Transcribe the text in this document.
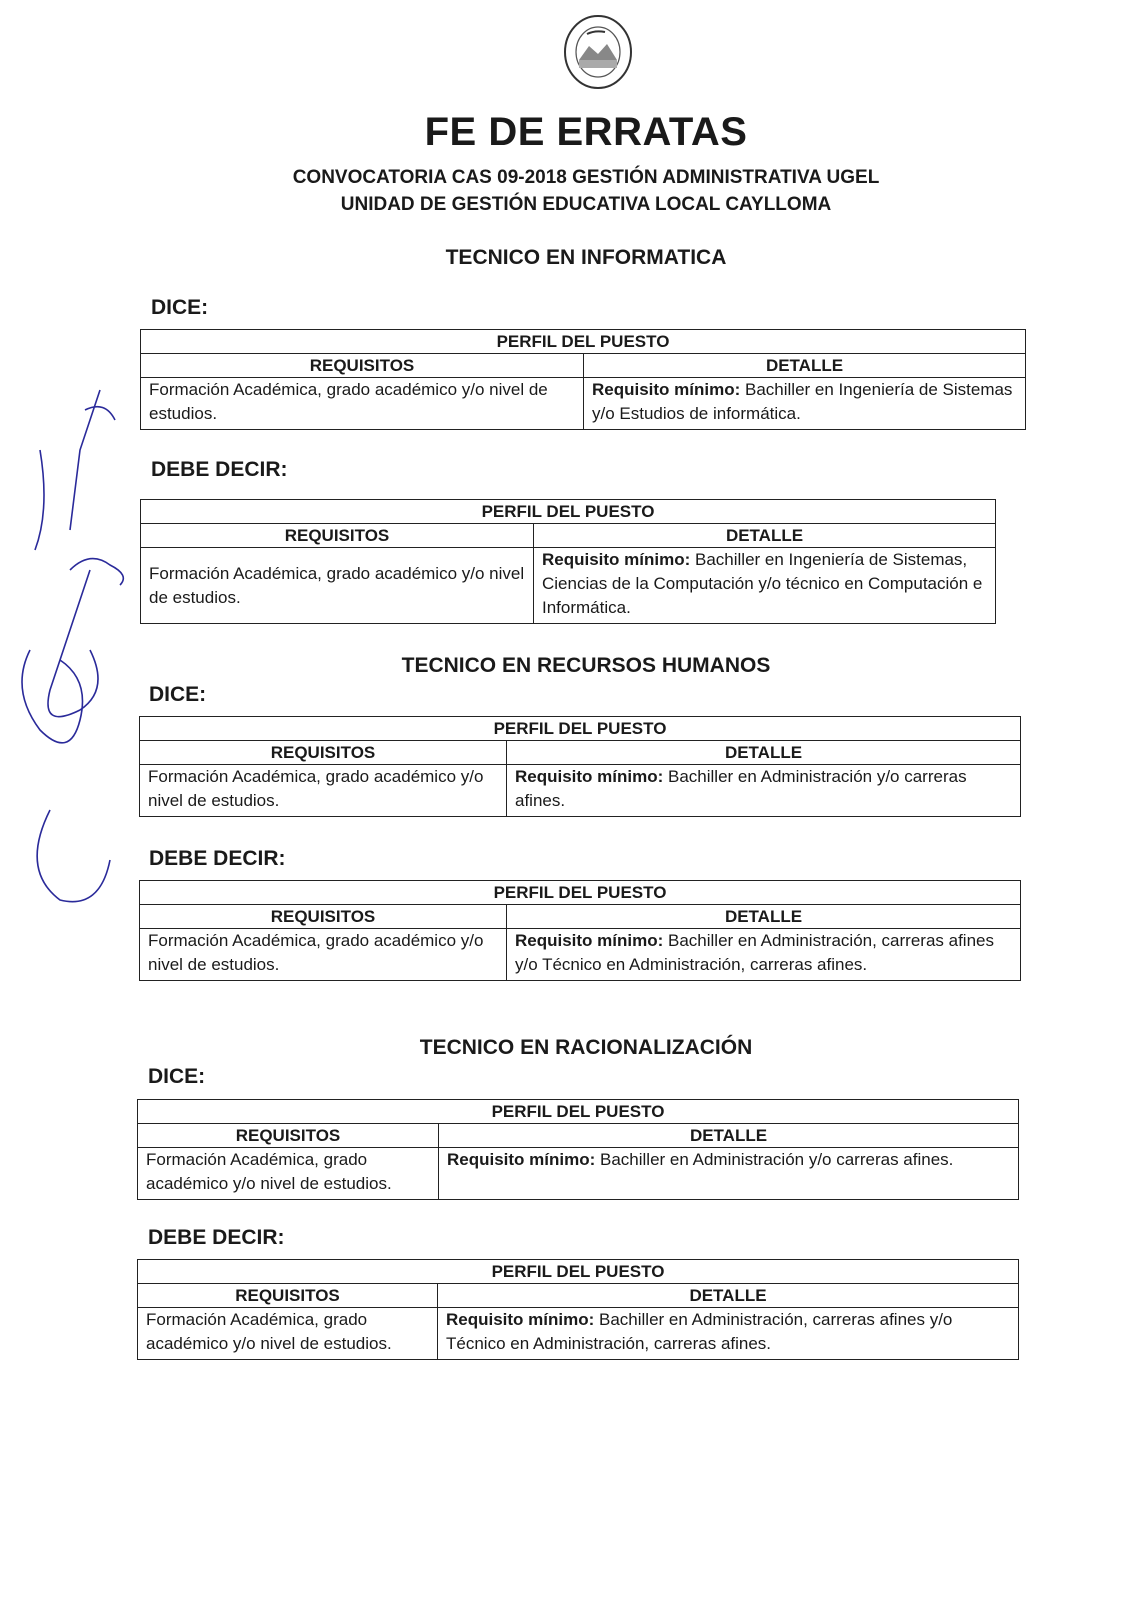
FE DE ERRATAS
CONVOCATORIA CAS 09-2018 GESTIÓN ADMINISTRATIVA UGEL
UNIDAD DE GESTIÓN EDUCATIVA LOCAL CAYLLOMA
TECNICO EN INFORMATICA
DICE:
PERFIL DEL PUESTO	
REQUISITOS	DETALLE
Formación Académica, grado académico y/o nivel de estudios.	Requisito mínimo: Bachiller en Ingeniería de Sistemas y/o Estudios de informática.
DEBE DECIR:
PERFIL DEL PUESTO	
REQUISITOS	DETALLE
Formación Académica, grado académico y/o nivel de estudios.	Requisito mínimo: Bachiller en Ingeniería de Sistemas, Ciencias de la Computación y/o técnico en Computación e Informática.
TECNICO EN RECURSOS HUMANOS
DICE:
PERFIL DEL PUESTO	
REQUISITOS	DETALLE
Formación Académica, grado académico y/o nivel de estudios.	Requisito mínimo: Bachiller en Administración y/o carreras afines.
DEBE DECIR:
PERFIL DEL PUESTO	
REQUISITOS	DETALLE
Formación Académica, grado académico y/o nivel de estudios.	Requisito mínimo: Bachiller en Administración, carreras afines y/o Técnico en Administración, carreras afines.
TECNICO EN RACIONALIZACIÓN
DICE:
PERFIL DEL PUESTO	
REQUISITOS	DETALLE
Formación Académica, grado académico y/o nivel de estudios.	Requisito mínimo: Bachiller en Administración y/o carreras afines.
DEBE DECIR:
PERFIL DEL PUESTO	
REQUISITOS	DETALLE
Formación Académica, grado académico y/o nivel de estudios.	Requisito mínimo: Bachiller en Administración, carreras afines y/o Técnico en Administración, carreras afines.
